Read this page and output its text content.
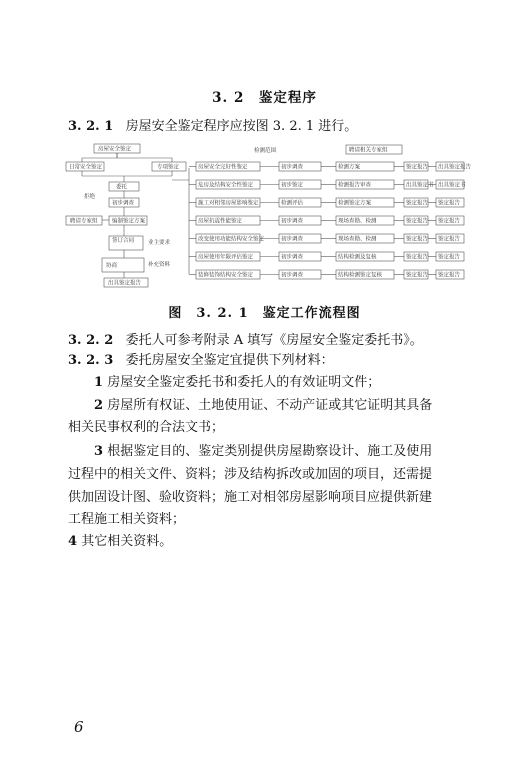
3. 2　鉴定程序
3. 2. 1 房屋安全鉴定程序应按图 3. 2. 1 进行。
房屋安全鉴定
日常安全鉴定	专项鉴定
委托
拒绝
初步调查
聘请专家组	编制鉴定方案
签订合同	业主要求
协商	补充资料
出具鉴定报告
房屋安全完好性鉴定	初步调查	检测方案	鉴定报告 出具鉴定报告
危房及结构安全性鉴定	初步鉴定	检测报告审查	出具鉴定书 出具鉴定书
施工对相邻房屋影响鉴定	检测评估	检测鉴定方案	鉴定报告 鉴定报告
房屋抗震性能鉴定	初步调查	现场查勘、检测	鉴定报告 鉴定报告
改变使用功能结构安全鉴定	初步调查	现场查勘、检测	鉴定报告 鉴定报告
房屋使用年限评估鉴定	初步调查	结构检测及复核	鉴定报告 鉴定报告
装修装饰结构安全鉴定	初步调查	结构检测鉴定复核	鉴定报告 鉴定报告
检测范围	聘请相关专家组
图　3. 2. 1　鉴定工作流程图
3. 2. 2 委托人可参考附录 A 填写《房屋安全鉴定委托书》。
3. 2. 3 委托房屋安全鉴定宜提供下列材料：
1 房屋安全鉴定委托书和委托人的有效证明文件；
2 房屋所有权证、土地使用证、不动产证或其它证明其具备
相关民事权利的合法文书；
3 根据鉴定目的、鉴定类别提供房屋勘察设计、施工及使用
过程中的相关文件、资料；涉及结构拆改或加固的项目，还需提
供加固设计图、验收资料；施工对相邻房屋影响项目应提供新建
工程施工相关资料；
4 其它相关资料。
6
